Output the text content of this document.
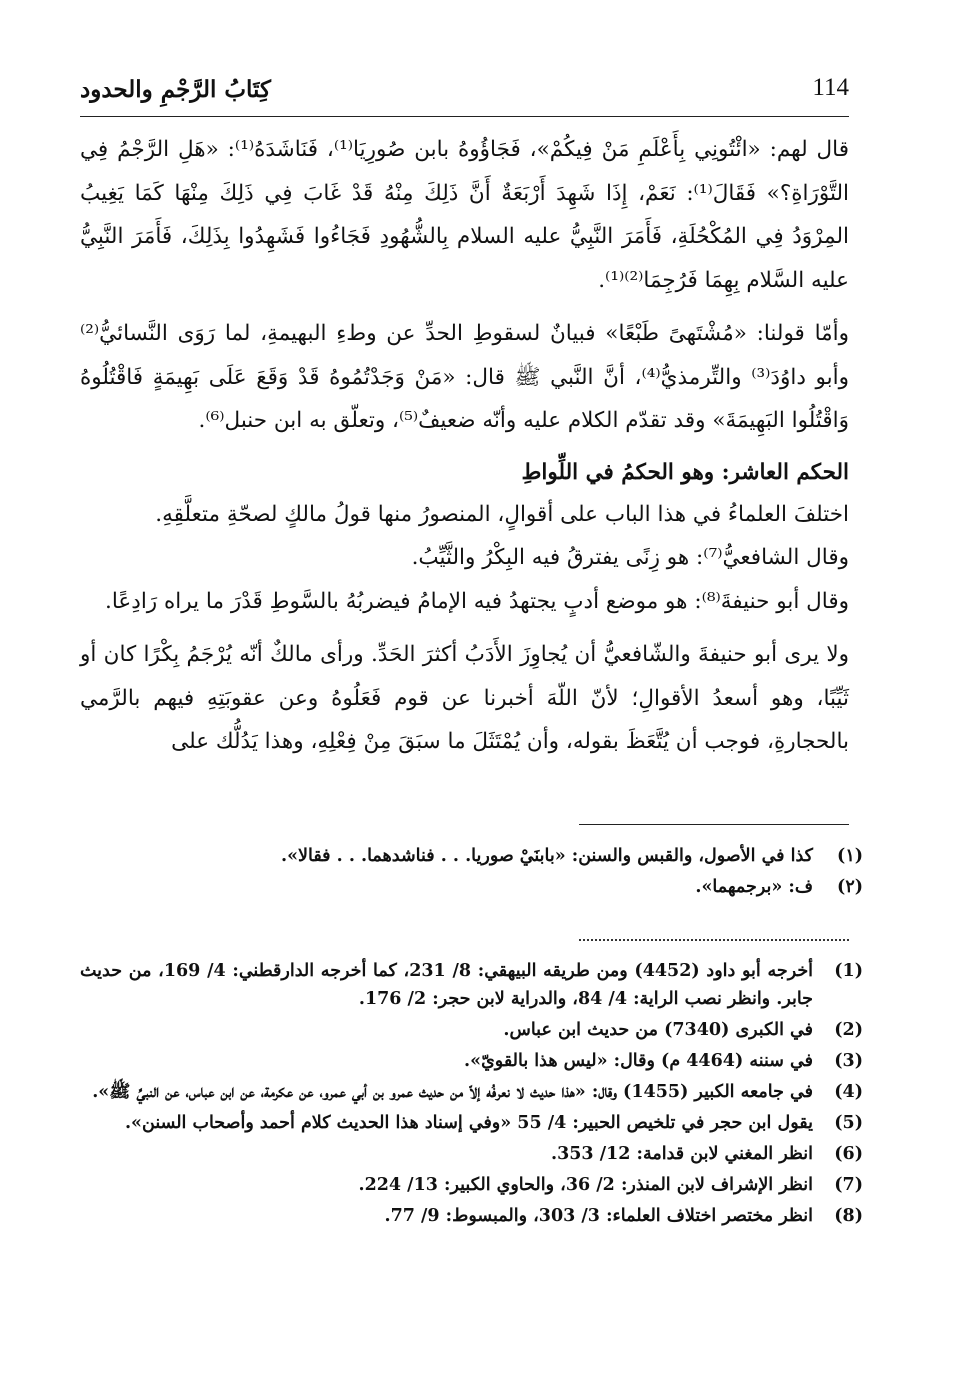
114
كِتَابُ الرَّجْمِ والحدود

قال لهم: «ائْتُونِي بِأَعْلَمِ مَنْ فِيكُمْ»، فَجَاؤُوهُ بابن صُورِيَا⁽¹⁾، فَنَاشَدَهُ⁽¹⁾: «هَلِ الرَّجْمُ فِي التَّوْرَاةِ؟» فَقَالَ⁽¹⁾: نَعَمْ، إِذَا شَهِدَ أَرْبَعَةٌ أَنَّ ذَلِكَ مِنْهُ قَدْ غَابَ فِي ذَلِكَ مِنْهَا كَمَا يَغِيبُ المِرْوَدُ فِي المُكْحُلَةِ، فَأَمَرَ النَّبِيُّ عليه السلام بِالشُّهُودِ فَجَاءُوا فَشَهِدُوا بِذَلِكَ، فَأَمَرَ النَّبِيُّ عليه السَّلام بِهِمَا فَرُجِمَا⁽²⁾⁽¹⁾.

وأمّا قولنا: «مُشْتَهىً طَبْعًا» فبيانٌ لسقوطِ الحدِّ عن وطءِ البهيمةِ، لما رَوَى النَّسائيُّ⁽²⁾ وأبو داوُدَ⁽³⁾ والتِّرمذيُّ⁽⁴⁾، أنَّ النَّبي ﷺ قال: «مَنْ وَجَدْتُمُوهُ قَدْ وَقَعَ عَلَى بَهِيمَةٍ فَاقْتُلُوهُ وَاقْتُلُوا البَهِيمَةَ» وقد تقدّم الكلام عليه وأنّه ضعيفٌ⁽⁵⁾، وتعلّق به ابن حنبل⁽⁶⁾.

الحكم العاشر: وهو الحكمُ في اللِّواطِ

اختلفَ العلماءُ في هذا الباب على أقوالٍ، المنصورُ منها قولُ مالكٍ لصحّةِ متعلَّقِهِ.

وقال الشافعيُّ⁽⁷⁾: هو زِنًى يفترقُ فيه البِكْرُ والثَّيِّبُ.

وقال أبو حنيفةَ⁽⁸⁾: هو موضع أدبٍ يجتهدُ فيه الإمامُ فيضربُهُ بالسَّوطِ قَدْرَ ما يراه رَادِعًا.

ولا يرى أبو حنيفةَ والشّافعيُّ أن يُجاوِزَ الأَدَبُ أكثرَ الحَدِّ. ورأى مالكٌ أنّه يُرْجَمُ بِكْرًا كان أو ثَيِّبًا، وهو أسعدُ الأقوالِ؛ لأنّ اللّهَ أخبرنا عن قوم فَعَلُوهُ وعن عقوبَتِهِ فيهم بالرَّمي بالحجارةِ، فوجب أن يُتَّعَظَ بقوله، وأن يُمْتَثَلَ ما سبَقَ مِنْ فِعْلِهِ، وهذا يَدُلُّك على

(١)
كذا في الأصول، والقبس والسنن: «بابنَيْ صوريا. . . فناشدهما. . . فقالا».
(٢)
ف: «برجمهما».
(1)
أخرجه أبو داود (4452) ومن طريقه البيهقي: 8/ 231، كما أخرجه الدارقطني: 4/ 169، من حديث جابر. وانظر نصب الراية: 4/ 84، والدراية لابن حجر: 2/ 176.
(2)
في الكبرى (7340) من حديث ابن عباس.
(3)
في سننه (4464 م) وقال: «ليس هذا بالقويّ».
(4)
في جامعه الكبير (1455) وقال: «هذا حديث لا نعرفُه إلاّ من حديث عمرو بن أبي عمرو، عن عكرمة، عن ابن عباس، عن النبيِّ ﷺ».
(5)
يقول ابن حجر في تلخيص الحبير: 4/ 55 «وفي إسناد هذا الحديث كلام أحمد وأصحاب السنن».
(6)
انظر المغني لابن قدامة: 12/ 353.
(7)
انظر الإشراف لابن المنذر: 2/ 36، والحاوي الكبير: 13/ 224.
(8)
انظر مختصر اختلاف العلماء: 3/ 303، والمبسوط: 9/ 77.
